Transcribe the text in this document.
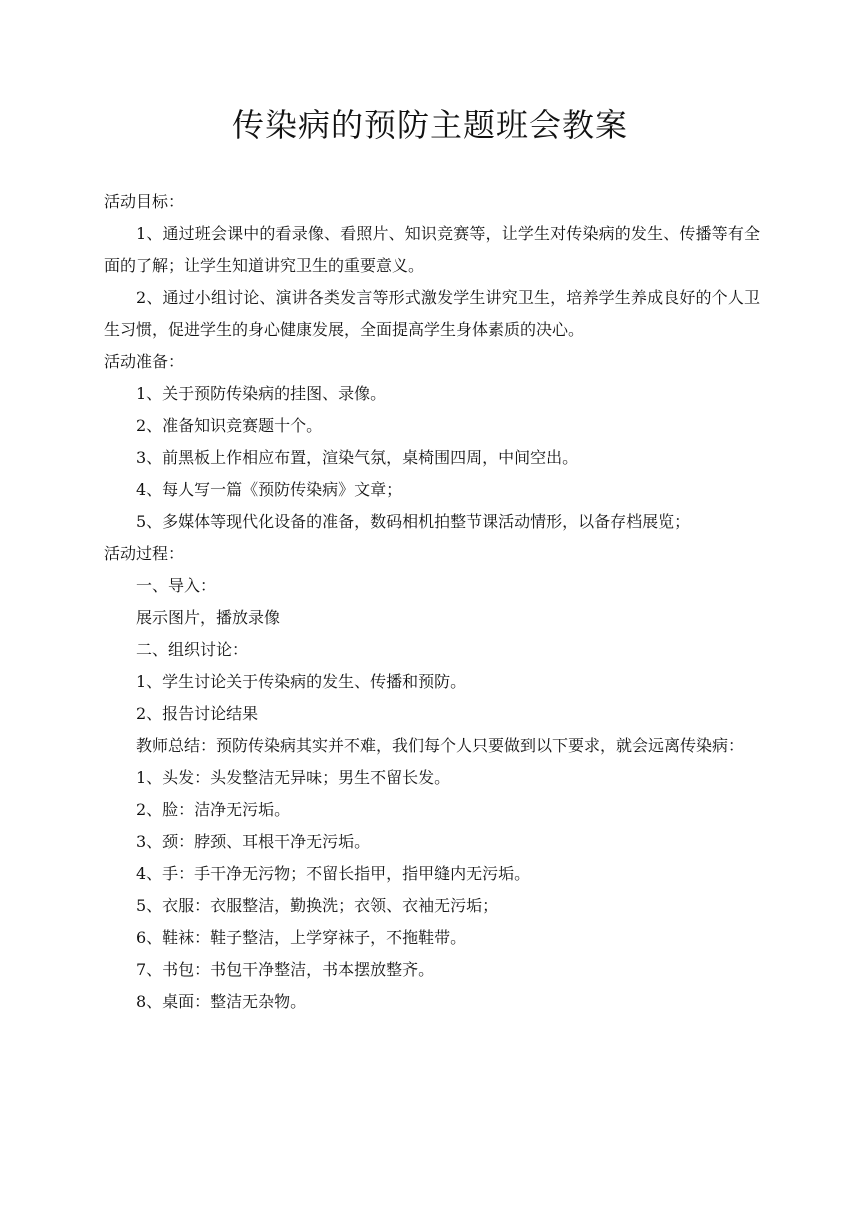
传染病的预防主题班会教案

活动目标：

1、通过班会课中的看录像、看照片、知识竞赛等，让学生对传染病的发生、传播等有全面的了解；让学生知道讲究卫生的重要意义。

2、通过小组讨论、演讲各类发言等形式激发学生讲究卫生，培养学生养成良好的个人卫生习惯，促进学生的身心健康发展，全面提高学生身体素质的决心。

活动准备：

1、关于预防传染病的挂图、录像。

2、准备知识竞赛题十个。

3、前黑板上作相应布置，渲染气氛，桌椅围四周，中间空出。

4、每人写一篇《预防传染病》文章；

5、多媒体等现代化设备的准备，数码相机拍整节课活动情形，以备存档展览；

活动过程：

一、导入：

展示图片，播放录像

二、组织讨论：

1、学生讨论关于传染病的发生、传播和预防。

2、报告讨论结果

教师总结：预防传染病其实并不难，我们每个人只要做到以下要求，就会远离传染病：

1、头发：头发整洁无异味；男生不留长发。

2、脸：洁净无污垢。

3、颈：脖颈、耳根干净无污垢。

4、手：手干净无污物；不留长指甲，指甲缝内无污垢。

5、衣服：衣服整洁，勤换洗；衣领、衣袖无污垢；

6、鞋袜：鞋子整洁，上学穿袜子，不拖鞋带。

7、书包：书包干净整洁，书本摆放整齐。

8、桌面：整洁无杂物。
